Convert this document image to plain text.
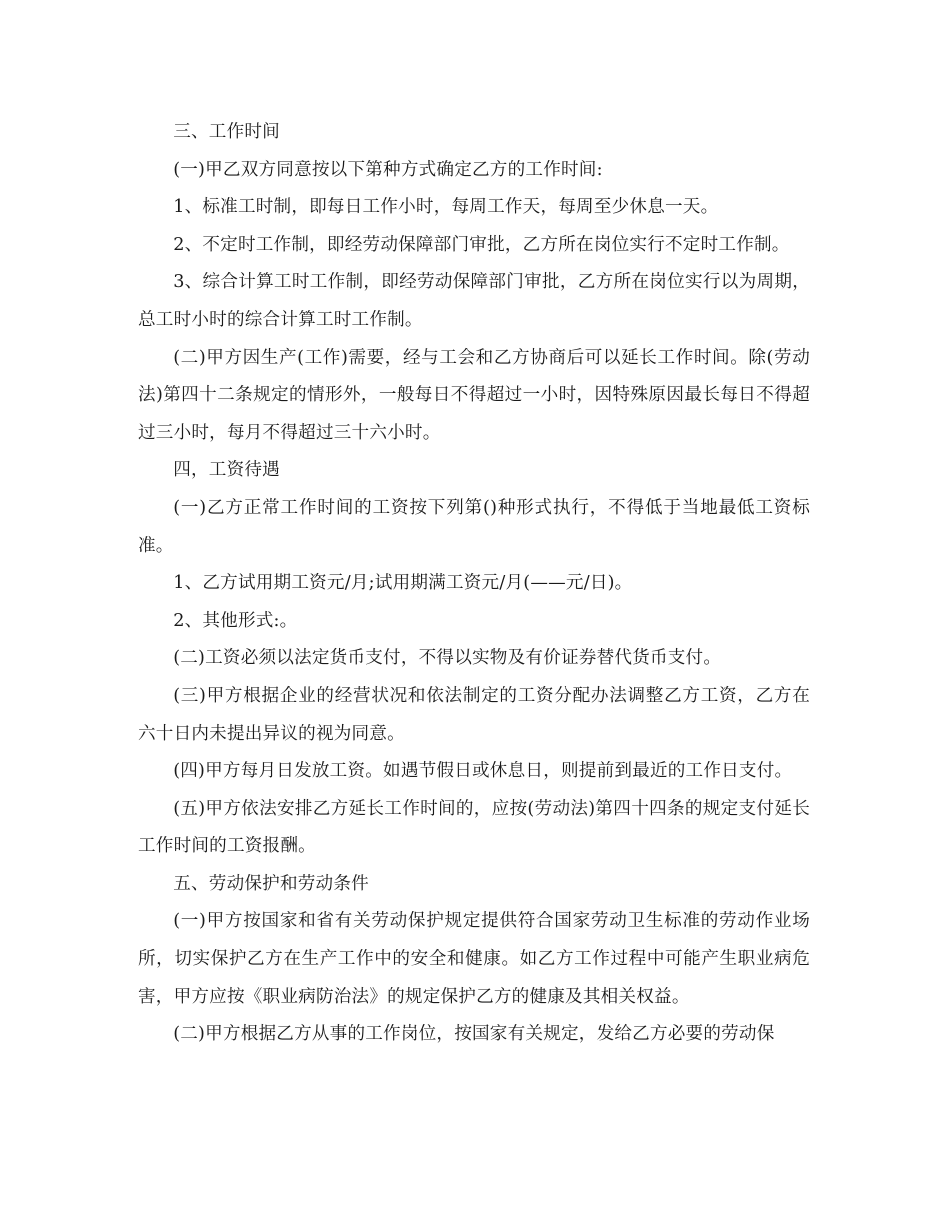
三、工作时间

(一)甲乙双方同意按以下第种方式确定乙方的工作时间:

1、标准工时制，即每日工作小时，每周工作天，每周至少休息一天。

2、不定时工作制，即经劳动保障部门审批，乙方所在岗位实行不定时工作制。

3、综合计算工时工作制，即经劳动保障部门审批，乙方所在岗位实行以为周期，总工时小时的综合计算工时工作制。

(二)甲方因生产(工作)需要，经与工会和乙方协商后可以延长工作时间。除(劳动法)第四十二条规定的情形外，一般每日不得超过一小时，因特殊原因最长每日不得超过三小时，每月不得超过三十六小时。

四，工资待遇

(一)乙方正常工作时间的工资按下列第()种形式执行，不得低于当地最低工资标准。

1、乙方试用期工资元/月;试用期满工资元/月(——元/日)。

2、其他形式:。

(二)工资必须以法定货币支付，不得以实物及有价证券替代货币支付。

(三)甲方根据企业的经营状况和依法制定的工资分配办法调整乙方工资，乙方在六十日内未提出异议的视为同意。

(四)甲方每月日发放工资。如遇节假日或休息日，则提前到最近的工作日支付。

(五)甲方依法安排乙方延长工作时间的，应按(劳动法)第四十四条的规定支付延长工作时间的工资报酬。

五、劳动保护和劳动条件

(一)甲方按国家和省有关劳动保护规定提供符合国家劳动卫生标准的劳动作业场所，切实保护乙方在生产工作中的安全和健康。如乙方工作过程中可能产生职业病危害，甲方应按《职业病防治法》的规定保护乙方的健康及其相关权益。

(二)甲方根据乙方从事的工作岗位，按国家有关规定，发给乙方必要的劳动保
